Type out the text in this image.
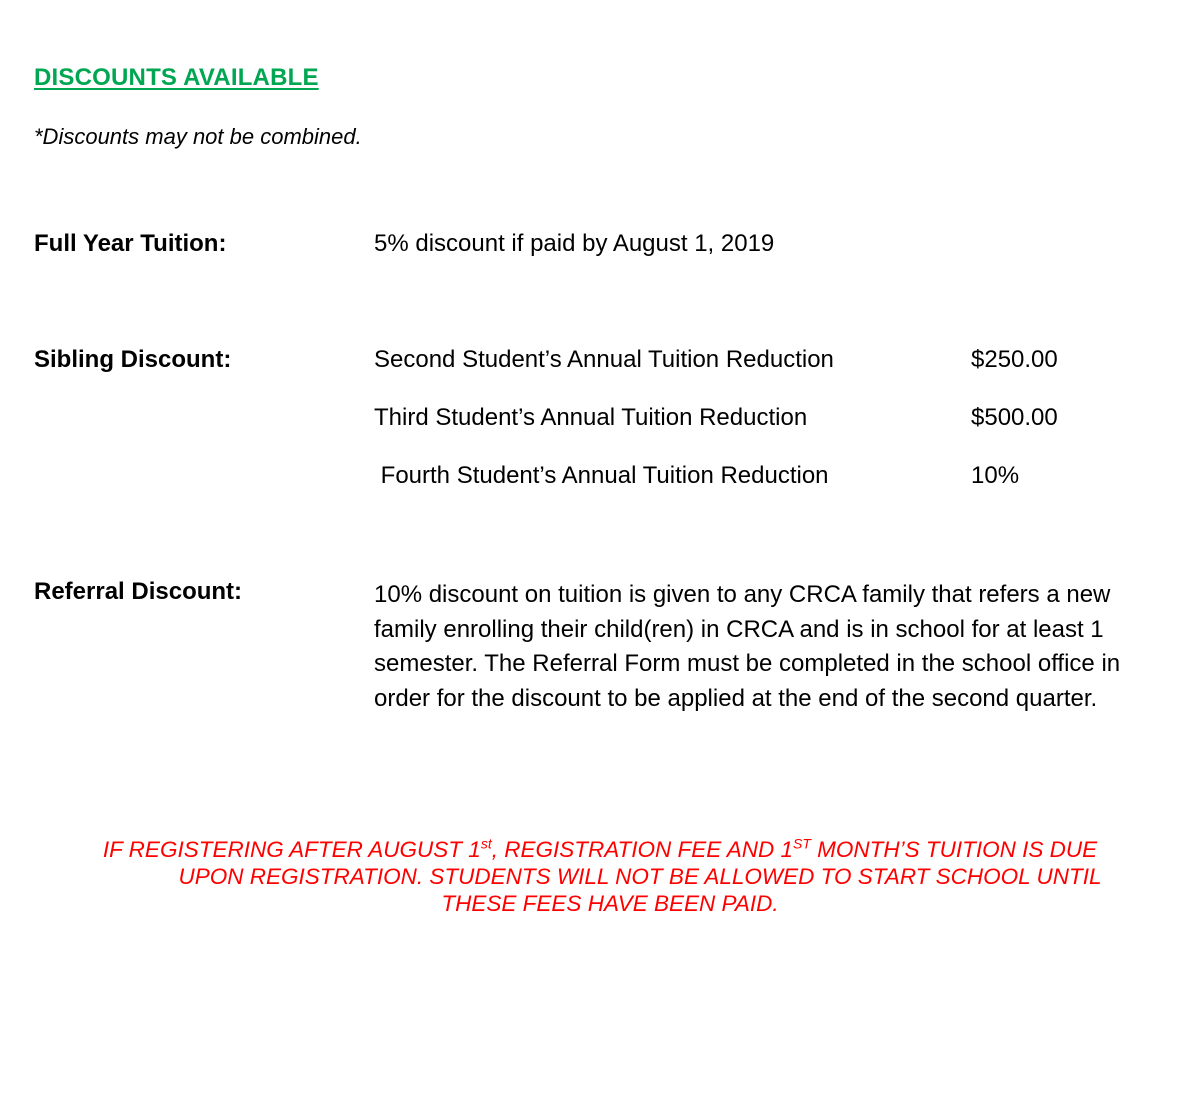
DISCOUNTS AVAILABLE
*Discounts may not be combined.
Full Year Tuition:	5% discount if paid by August 1, 2019
Sibling Discount:	Second Student’s Annual Tuition Reduction	$250.00
Third Student’s Annual Tuition Reduction	$500.00
Fourth Student’s Annual Tuition Reduction	10%
Referral Discount:	10% discount on tuition is given to any CRCA family that refers a new family enrolling their child(ren) in CRCA and is in school for at least 1 semester. The Referral Form must be completed in the school office in order for the discount to be applied at the end of the second quarter.
IF REGISTERING AFTER AUGUST 1st, REGISTRATION FEE AND 1ST MONTH’S TUITION IS DUE
UPON REGISTRATION. STUDENTS WILL NOT BE ALLOWED TO START SCHOOL UNTIL
THESE FEES HAVE BEEN PAID.
